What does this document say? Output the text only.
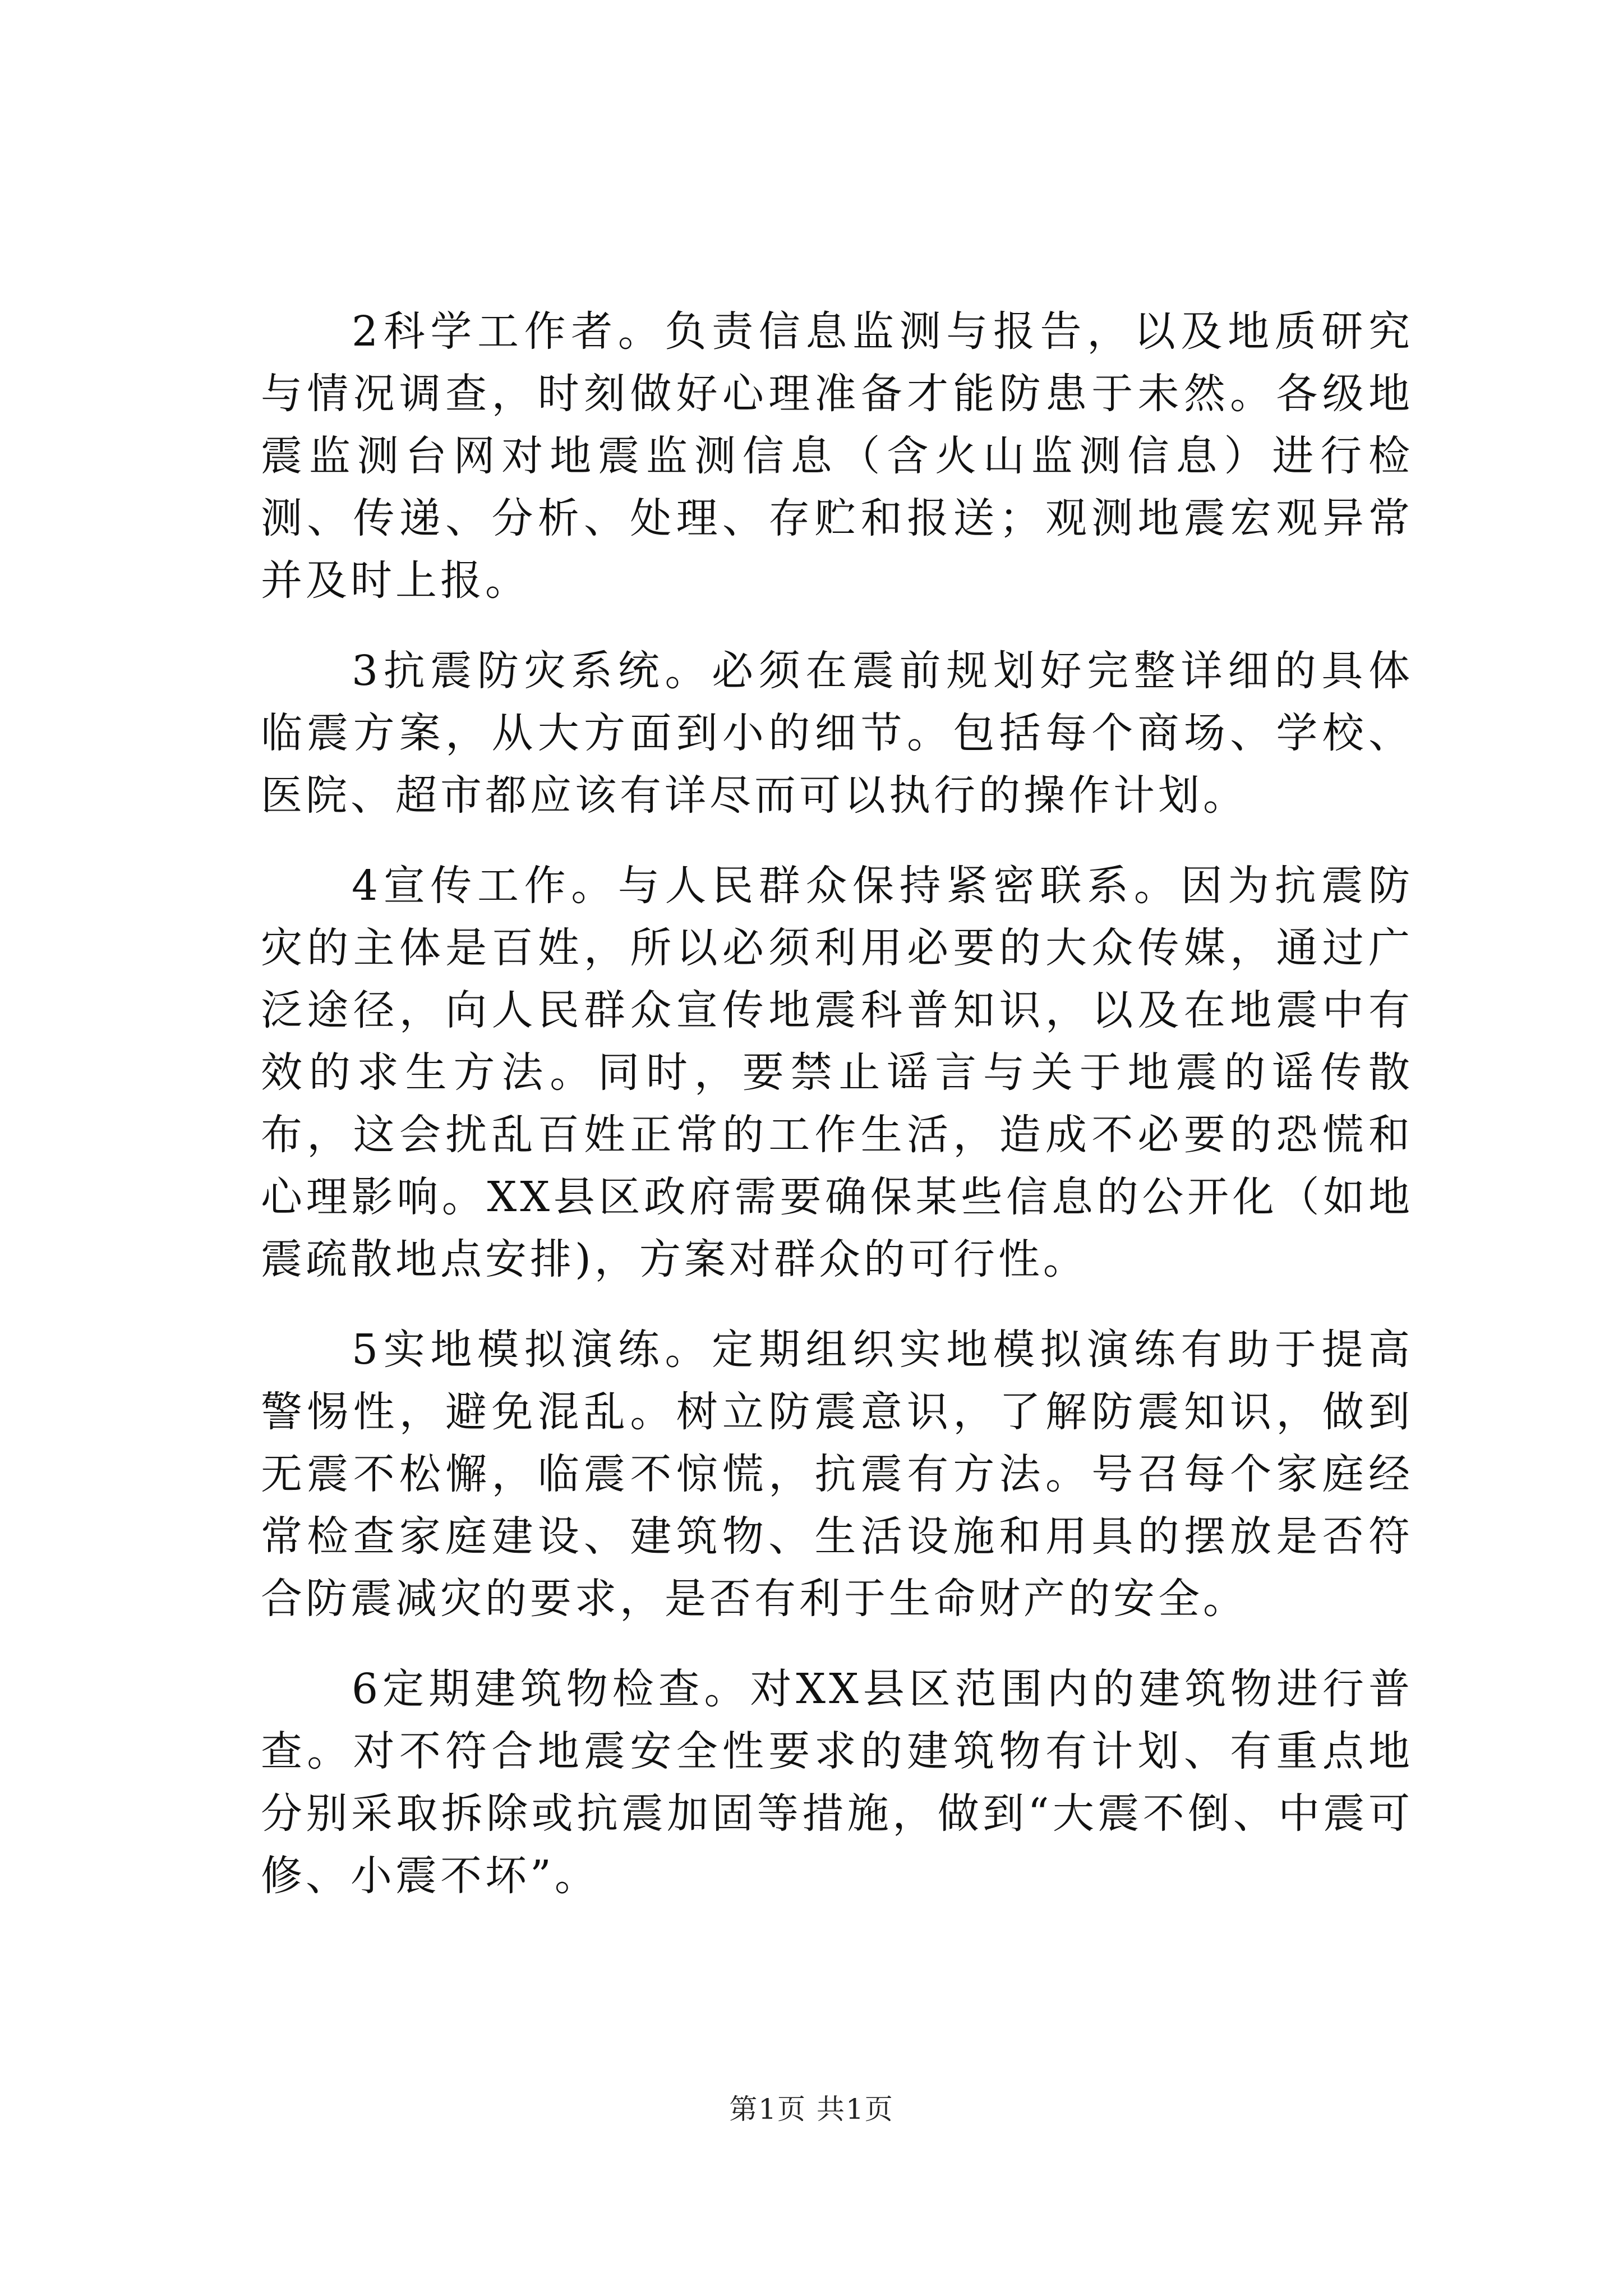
2科学工作者。负责信息监测与报告，以及地质研究与情况调查，时刻做好心理准备才能防患于未然。各级地震监测台网对地震监测信息（含火山监测信息）进行检测、传递、分析、处理、存贮和报送；观测地震宏观异常并及时上报。

3抗震防灾系统。必须在震前规划好完整详细的具体临震方案，从大方面到小的细节。包括每个商场、学校、医院、超市都应该有详尽而可以执行的操作计划。

4宣传工作。与人民群众保持紧密联系。因为抗震防灾的主体是百姓，所以必须利用必要的大众传媒，通过广泛途径，向人民群众宣传地震科普知识，以及在地震中有效的求生方法。同时，要禁止谣言与关于地震的谣传散布，这会扰乱百姓正常的工作生活，造成不必要的恐慌和心理影响。XX县区政府需要确保某些信息的公开化（如地震疏散地点安排)，方案对群众的可行性。

5实地模拟演练。定期组织实地模拟演练有助于提高警惕性，避免混乱。树立防震意识，了解防震知识，做到无震不松懈，临震不惊慌，抗震有方法。号召每个家庭经常检查家庭建设、建筑物、生活设施和用具的摆放是否符合防震减灾的要求，是否有利于生命财产的安全。

6定期建筑物检查。对XX县区范围内的建筑物进行普查。对不符合地震安全性要求的建筑物有计划、有重点地分别采取拆除或抗震加固等措施，做到“大震不倒、中震可修、小震不坏”。

第1页 共1页
